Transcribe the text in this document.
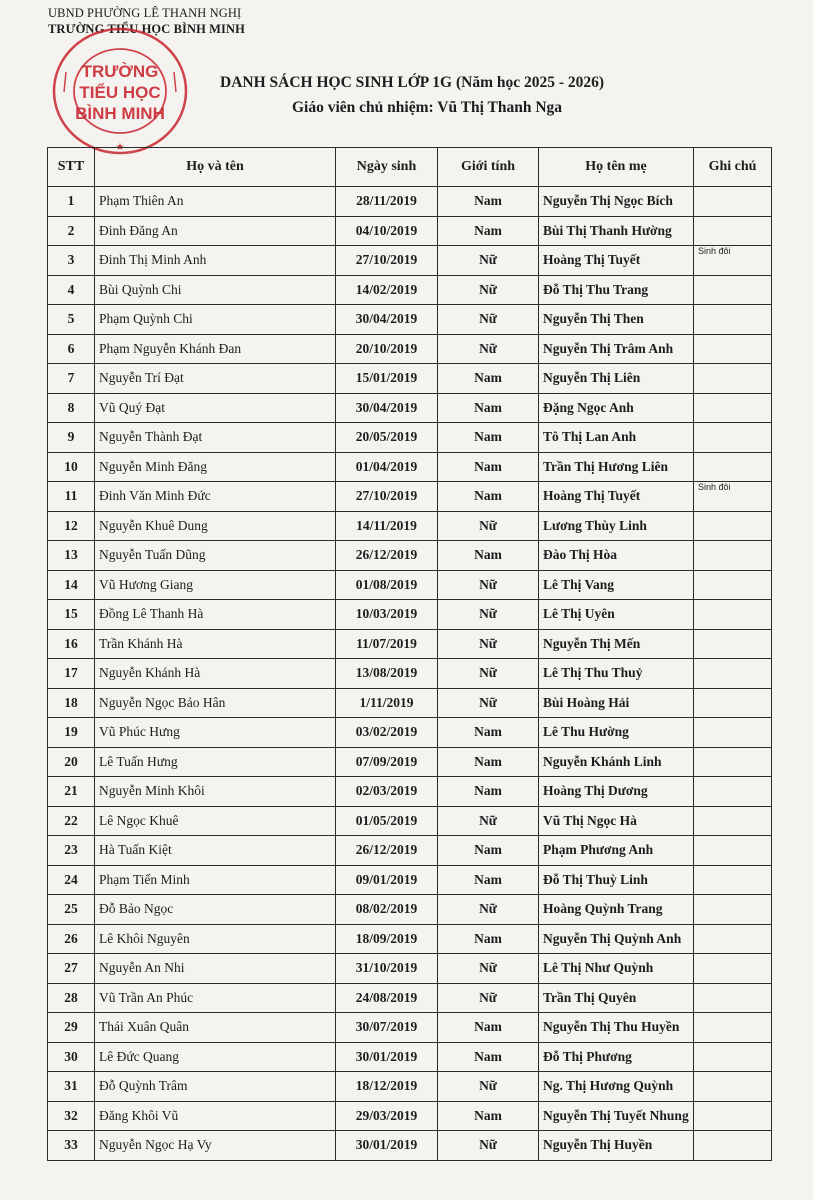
UBND PHƯỜNG LÊ THANH NGHỊ
TRƯỜNG TIỂU HỌC BÌNH MINH
TRƯỜNG
TIỂU HỌC
BÌNH MINH
★
DANH SÁCH HỌC SINH LỚP 1G (Năm học 2025 - 2026)
Giáo viên chủ nhiệm: Vũ Thị Thanh Nga
STT	Họ và tên	Ngày sinh	Giới tính	Họ tên mẹ	Ghi chú
1	Phạm Thiên An	28/11/2019	Nam	Nguyễn Thị Ngọc Bích	
2	Đinh Đăng An	04/10/2019	Nam	Bùi Thị Thanh Hường	
3	Đinh Thị Minh Anh	27/10/2019	Nữ	Hoàng Thị Tuyết	Sinh đôi
4	Bùi Quỳnh Chi	14/02/2019	Nữ	Đỗ Thị Thu Trang	
5	Phạm Quỳnh Chi	30/04/2019	Nữ	Nguyễn Thị Then	
6	Phạm Nguyễn Khánh Đan	20/10/2019	Nữ	Nguyễn Thị Trâm Anh	
7	Nguyễn Trí Đạt	15/01/2019	Nam	Nguyễn Thị Liên	
8	Vũ Quý Đạt	30/04/2019	Nam	Đặng Ngọc Anh	
9	Nguyễn Thành Đạt	20/05/2019	Nam	Tô Thị Lan Anh	
10	Nguyễn Minh Đăng	01/04/2019	Nam	Trần Thị Hương Liên	
11	Đinh Văn Minh Đức	27/10/2019	Nam	Hoàng Thị Tuyết	Sinh đôi
12	Nguyễn Khuê Dung	14/11/2019	Nữ	Lương Thùy Linh	
13	Nguyễn Tuấn Dũng	26/12/2019	Nam	Đào Thị Hòa	
14	Vũ Hương Giang	01/08/2019	Nữ	Lê Thị Vang	
15	Đồng Lê Thanh Hà	10/03/2019	Nữ	Lê Thị Uyên	
16	Trần Khánh Hà	11/07/2019	Nữ	Nguyễn Thị Mến	
17	Nguyễn Khánh Hà	13/08/2019	Nữ	Lê Thị Thu Thuỷ	
18	Nguyễn Ngọc Bảo Hân	1/11/2019	Nữ	Bùi Hoàng Hải	
19	Vũ Phúc Hưng	03/02/2019	Nam	Lê Thu Hường	
20	Lê Tuấn Hưng	07/09/2019	Nam	Nguyễn Khánh Linh	
21	Nguyễn Minh Khôi	02/03/2019	Nam	Hoàng Thị Dương	
22	Lê Ngọc Khuê	01/05/2019	Nữ	Vũ Thị Ngọc Hà	
23	Hà Tuấn Kiệt	26/12/2019	Nam	Phạm Phương Anh	
24	Phạm Tiến Minh	09/01/2019	Nam	Đỗ Thị Thuỳ Linh	
25	Đỗ Bảo Ngọc	08/02/2019	Nữ	Hoàng Quỳnh Trang	
26	Lê Khôi Nguyên	18/09/2019	Nam	Nguyễn Thị Quỳnh Anh	
27	Nguyễn An Nhi	31/10/2019	Nữ	Lê Thị Như Quỳnh	
28	Vũ Trần An Phúc	24/08/2019	Nữ	Trần Thị Quyên	
29	Thái Xuân Quân	30/07/2019	Nam	Nguyễn Thị Thu Huyền	
30	Lê Đức Quang	30/01/2019	Nam	Đỗ Thị Phương	
31	Đỗ Quỳnh Trâm	18/12/2019	Nữ	Ng. Thị Hương Quỳnh	
32	Đăng Khôi Vũ	29/03/2019	Nam	Nguyễn Thị Tuyết Nhung	
33	Nguyễn Ngọc Hạ Vy	30/01/2019	Nữ	Nguyễn Thị Huyền	
